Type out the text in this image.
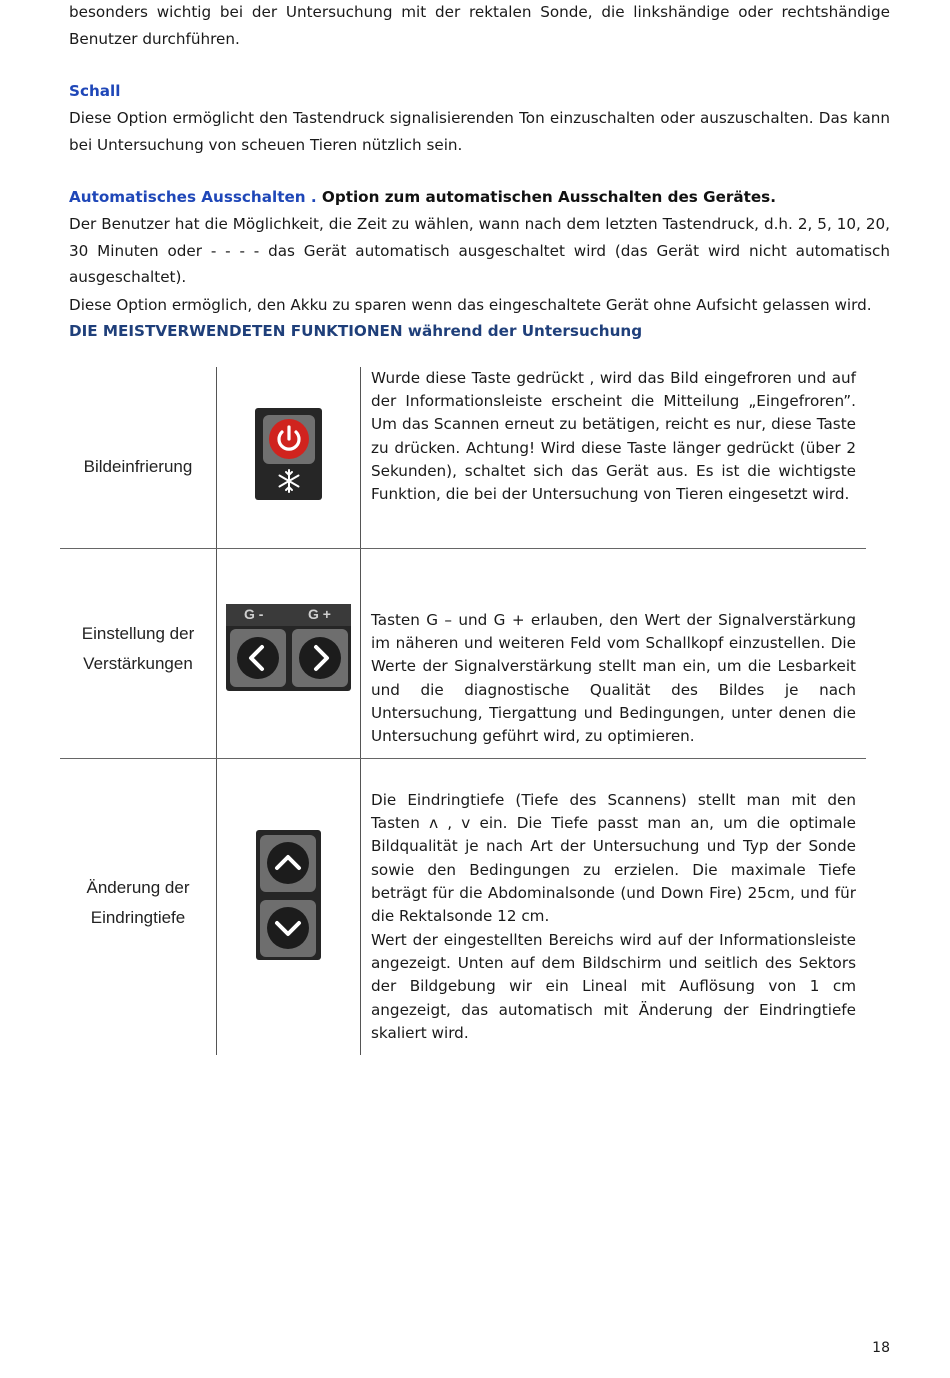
besonders wichtig bei der Untersuchung mit der rektalen Sonde, die linkshändige oder rechtshändige Benutzer durchführen.

Schall

Diese Option ermöglicht den Tastendruck signalisierenden Ton einzuschalten oder auszuschalten. Das kann bei Untersuchung von scheuen Tieren nützlich sein.

Automatisches Ausschalten . Option zum automatischen Ausschalten des Gerätes.

Der Benutzer hat die Möglichkeit, die Zeit zu wählen, wann nach dem letzten Tastendruck, d.h. 2, 5, 10, 20, 30 Minuten oder - - - - das Gerät automatisch ausgeschaltet wird (das Gerät wird nicht automatisch ausgeschaltet).

Diese Option ermöglich, den Akku zu sparen wenn das eingeschaltete Gerät ohne Aufsicht gelassen wird.

DIE MEISTVERWENDETEN FUNKTIONEN während der Untersuchung

Bildeinfrierung

Wurde diese Taste gedrückt , wird das Bild eingefroren und auf der Informationsleiste erscheint die Mitteilung „Eingefroren”. Um das Scannen erneut zu betätigen, reicht es nur, diese Taste zu drücken. Achtung! Wird diese Taste länger gedrückt (über 2 Sekunden), schaltet sich das Gerät aus. Es ist die wichtigste Funktion, die bei der Untersuchung von Tieren eingesetzt wird.

Einstellung der
Verstärkungen
G -	G +	Tasten G – und G + erlauben, den Wert der Signalverstärkung im näheren und weiteren Feld vom Schallkopf einzustellen. Die Werte der Signalverstärkung stellt man ein, um die Lesbarkeit und die diagnostische Qualität des Bildes je nach Untersuchung, Tiergattung und Bedingungen, unter denen die Untersuchung geführt wird, zu optimieren.

Änderung der
Eindringtiefe

Die Eindringtiefe (Tiefe des Scannens) stellt man mit den Tasten ʌ , ᴠ ein. Die Tiefe passt man an, um die optimale Bildqualität je nach Art der Untersuchung und Typ der Sonde sowie den Bedingungen zu erzielen. Die maximale Tiefe beträgt für die Abdominalsonde (und Down Fire) 25cm, und für die Rektalsonde 12 cm.

Wert der eingestellten Bereichs wird auf der Informationsleiste angezeigt. Unten auf dem Bildschirm und seitlich des Sektors der Bildgebung wir ein Lineal mit Auflösung von 1 cm angezeigt, das automatisch mit Änderung der Eindringtiefe skaliert wird.

18
